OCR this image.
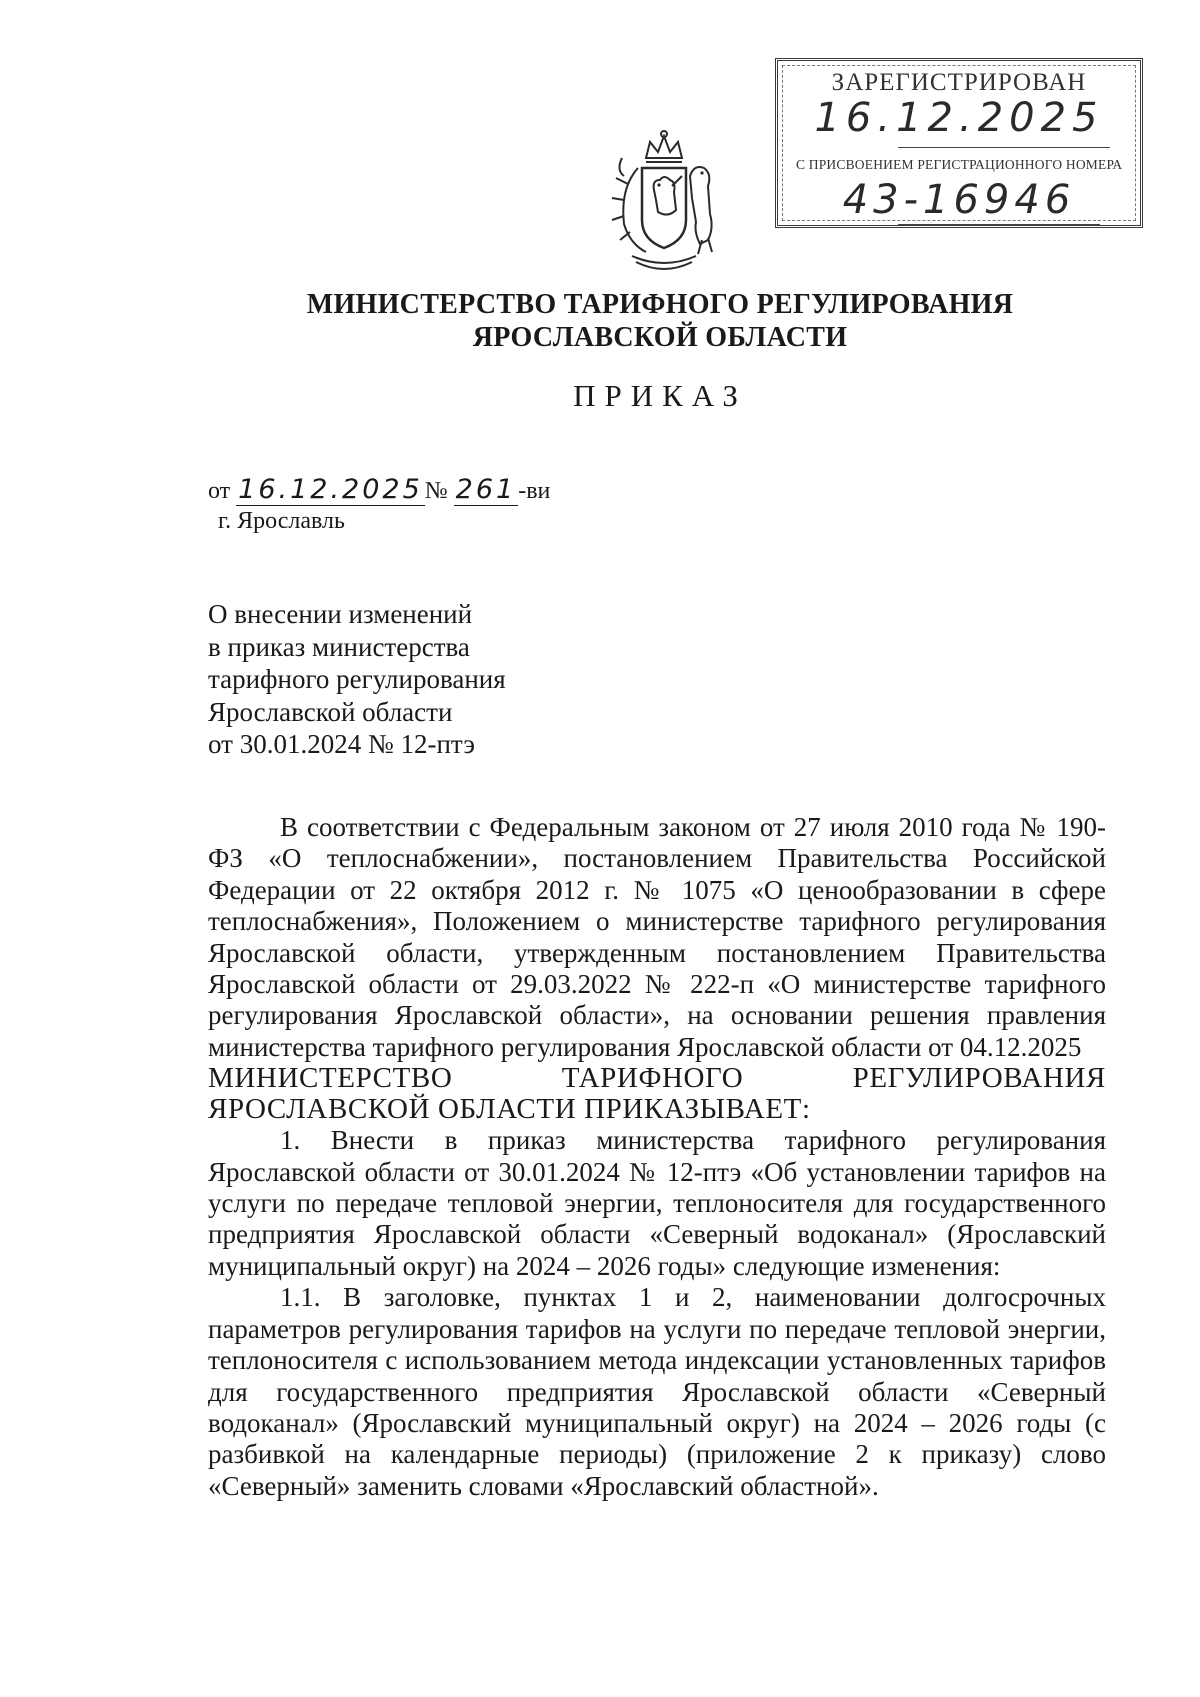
ЗАРЕГИСТРИРОВАН
16.12.2025
С ПРИСВОЕНИЕМ РЕГИСТРАЦИОННОГО НОМЕРА
43-16946
МИНИСТЕРСТВО ТАРИФНОГО РЕГУЛИРОВАНИЯ
ЯРОСЛАВСКОЙ ОБЛАСТИ
ПРИКАЗ
от 16.12.2025№ 261-ви
г. Ярославль
О внесении изменений
в приказ министерства
тарифного регулирования
Ярославской области
от 30.01.2024 № 12-птэ

В соответствии с Федеральным законом от 27 июля 2010 года № 190-ФЗ «О теплоснабжении», постановлением Правительства Российской Федерации от 22 октября 2012 г. № 1075 «О ценообразовании в сфере теплоснабжения», Положением о министерстве тарифного регулирования Ярославской области, утвержденным постановлением Правительства Ярославской области от 29.03.2022 № 222-п «О министерстве тарифного регулирования Ярославской области», на основании решения правления министерства тарифного регулирования Ярославской области от 04.12.2025

МИНИСТЕРСТВО ТАРИФНОГО РЕГУЛИРОВАНИЯ ЯРОСЛАВСКОЙ ОБЛАСТИ ПРИКАЗЫВАЕТ:

1. Внести в приказ министерства тарифного регулирования Ярославской области от 30.01.2024 № 12-птэ «Об установлении тарифов на услуги по передаче тепловой энергии, теплоносителя для государственного предприятия Ярославской области «Северный водоканал» (Ярославский муниципальный округ) на 2024 – 2026 годы» следующие изменения:

1.1. В заголовке, пунктах 1 и 2, наименовании долгосрочных параметров регулирования тарифов на услуги по передаче тепловой энергии, теплоносителя с использованием метода индексации установленных тарифов для государственного предприятия Ярославской области «Северный водоканал» (Ярославский муниципальный округ) на 2024 – 2026 годы (с разбивкой на календарные периоды) (приложение 2 к приказу) слово «Северный» заменить словами «Ярославский областной».
